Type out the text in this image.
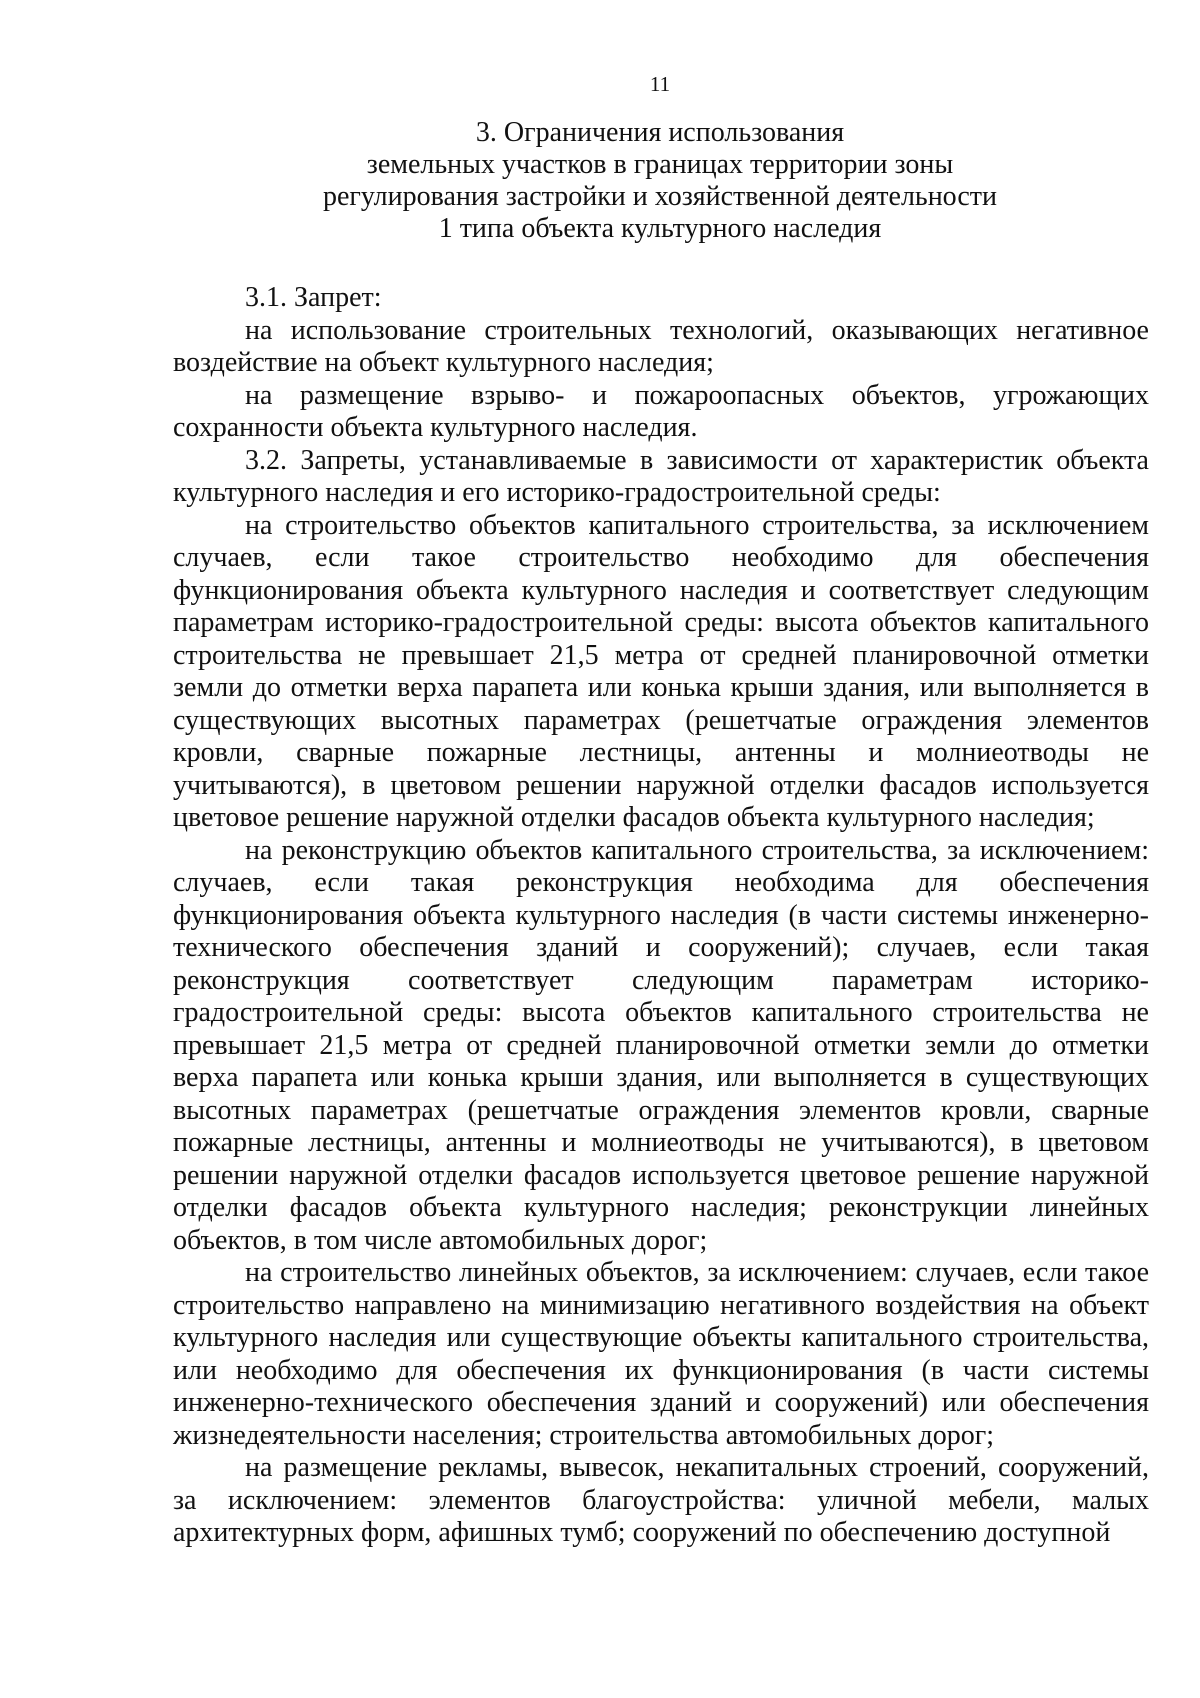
11
3. Ограничения использования
земельных участков в границах территории зоны
регулирования застройки и хозяйственной деятельности
1 типа объекта культурного наследия

3.1. Запрет:

на использование строительных технологий, оказывающих негативное воздействие на объект культурного наследия;

на размещение взрыво- и пожароопасных объектов, угрожающих сохранности объекта культурного наследия.

3.2. Запреты, устанавливаемые в зависимости от характеристик объекта культурного наследия и его историко-градостроительной среды:

на строительство объектов капитального строительства, за исключением случаев, если такое строительство необходимо для обеспечения функционирования объекта культурного наследия и соответствует следующим параметрам историко-градостроительной среды: высота объектов капитального строительства не превышает 21,5 метра от средней планировочной отметки земли до отметки верха парапета или конька крыши здания, или выполняется в существующих высотных параметрах (решетчатые ограждения элементов кровли, сварные пожарные лестницы, антенны и молниеотводы не учитываются), в цветовом решении наружной отделки фасадов используется цветовое решение наружной отделки фасадов объекта культурного наследия;

на реконструкцию объектов капитального строительства, за исключением: случаев, если такая реконструкция необходима для обеспечения функционирования объекта культурного наследия (в части системы инженерно-технического обеспечения зданий и сооружений); случаев, если такая реконструкция соответствует следующим параметрам историко-градостроительной среды: высота объектов капитального строительства не превышает 21,5 метра от средней планировочной отметки земли до отметки верха парапета или конька крыши здания, или выполняется в существующих высотных параметрах (решетчатые ограждения элементов кровли, сварные пожарные лестницы, антенны и молниеотводы не учитываются), в цветовом решении наружной отделки фасадов используется цветовое решение наружной отделки фасадов объекта культурного наследия; реконструкции линейных объектов, в том числе автомобильных дорог;

на строительство линейных объектов, за исключением: случаев, если такое строительство направлено на минимизацию негативного воздействия на объект культурного наследия или существующие объекты капитального строительства, или необходимо для обеспечения их функционирования (в части системы инженерно-технического обеспечения зданий и сооружений) или обеспечения жизнедеятельности населения; строительства автомобильных дорог;

на размещение рекламы, вывесок, некапитальных строений, сооружений, за исключением: элементов благоустройства: уличной мебели, малых архитектурных форм, афишных тумб; сооружений по обеспечению доступной
